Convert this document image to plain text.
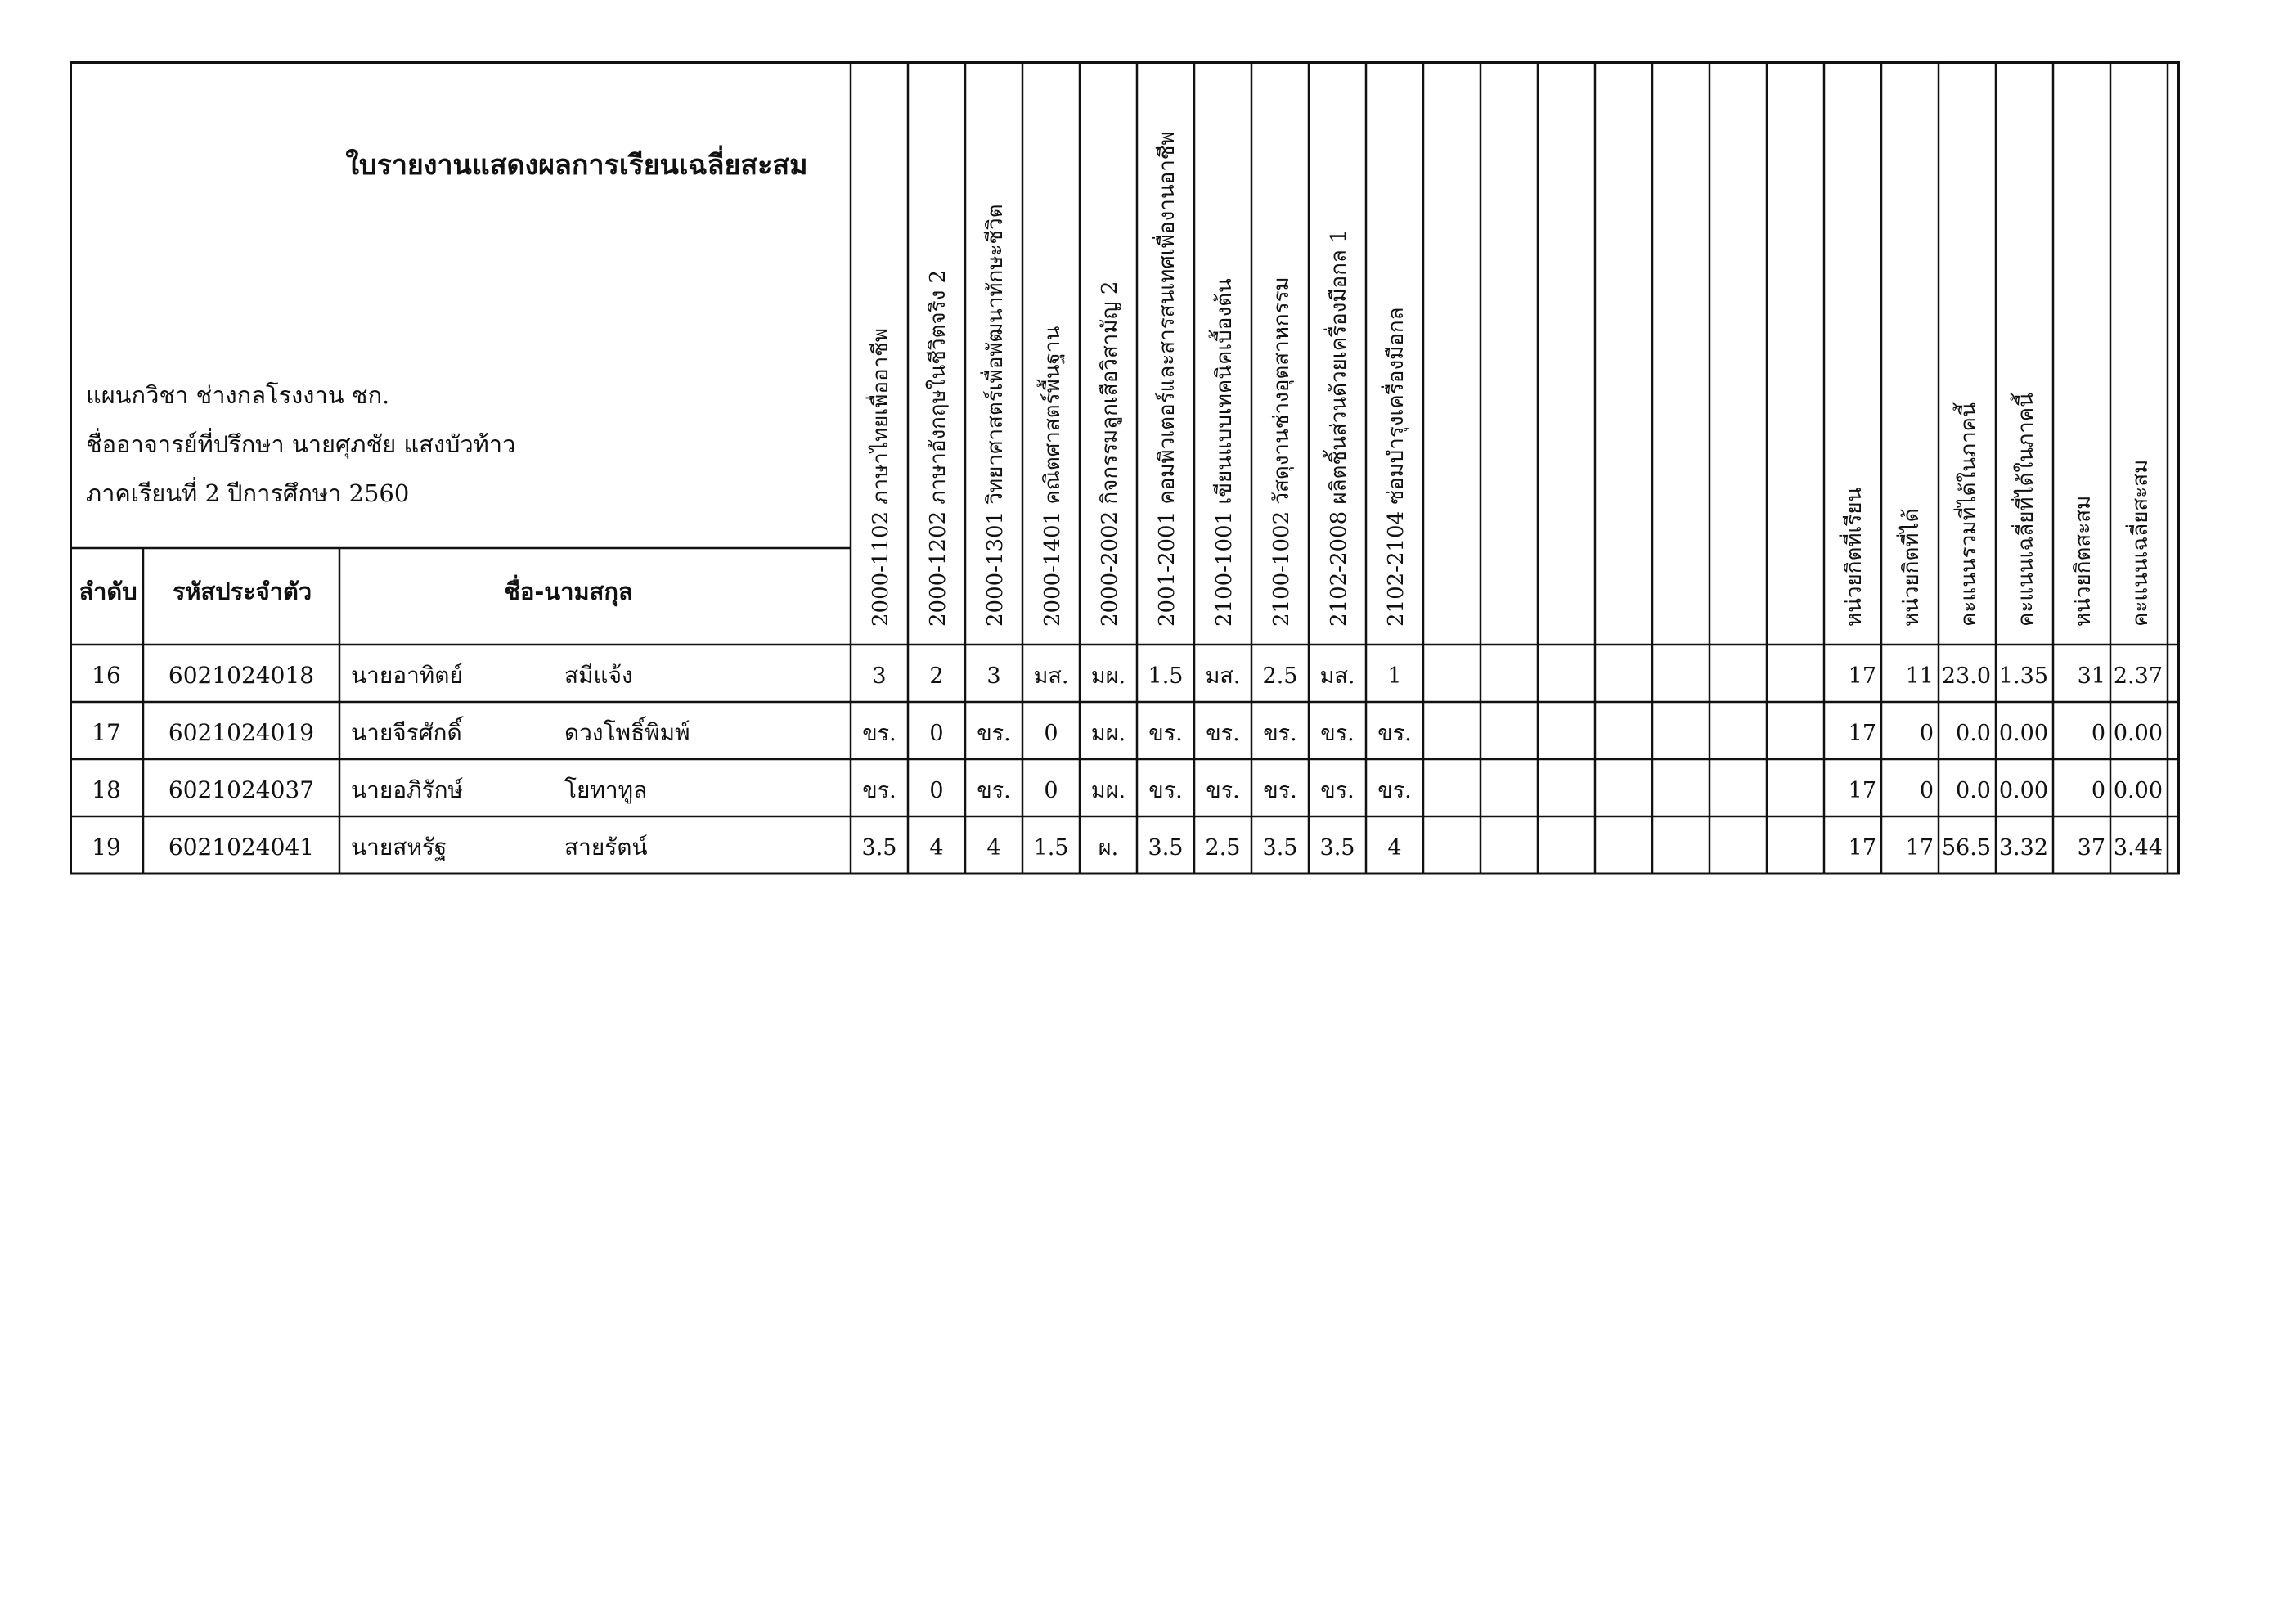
ใบรายงานแสดงผลการเรียนเฉลี่ยสะสม
แผนกวิชา ช่างกลโรงงาน ชก.
ชื่ออาจารย์ที่ปรึกษา นายศุภชัย แสงบัวท้าว
ภาคเรียนที่ 2 ปีการศึกษา 2560
ลำดับ รหัสประจำตัว	ชื่อ-นามสกุล	2000-1102 ภาษาไทยเพื่ออาชีพ 2000-1202 ภาษาอังกฤษในชีวิตจริง 2 2000-1301 วิทยาศาสตร์เพื่อพัฒนาทักษะชีวิต 2000-1401 คณิตศาสตร์พื้นฐาน 2000-2002 กิจกรรมลูกเสือวิสามัญ 2 2001-2001 คอมพิวเตอร์และสารสนเทศเพื่องานอาชีพ 2100-1001 เขียนแบบเทคนิคเบื้องต้น 2100-1002 วัสดุงานช่างอุตสาหกรรม 2102-2008 ผลิตชิ้นส่วนด้วยเครื่องมือกล 1 2102-2104 ซ่อมบำรุงเครื่องมือกล	หน่วยกิตที่เรียน หน่วยกิตที่ได้ คะแนนรวมที่ได้ในภาคนี้ คะแนนเฉลี่ยที่ได้ในภาคนี้ หน่วยกิตสะสม คะแนนเฉลี่ยสะสม
16 6021024018 นายอาทิตย์	สมีแจ้ง	3 2 3 มส. มผ. 1.5 มส. 2.5 มส. 1	17 11 23.0 1.35 31 2.37
17 6021024019 นายจีรศักดิ์	ดวงโพธิ์พิมพ์	ขร. 0 ขร. 0 มผ. ขร. ขร. ขร. ขร. ขร.	17 0 0.0 0.00 0 0.00
18 6021024037 นายอภิรักษ์	โยทาทูล	ขร. 0 ขร. 0 มผ. ขร. ขร. ขร. ขร. ขร.	17 0 0.0 0.00 0 0.00
19 6021024041 นายสหรัฐ	สายรัตน์	3.5 4 4 1.5 ผ. 3.5 2.5 3.5 3.5 4	17 17 56.5 3.32 37 3.44
